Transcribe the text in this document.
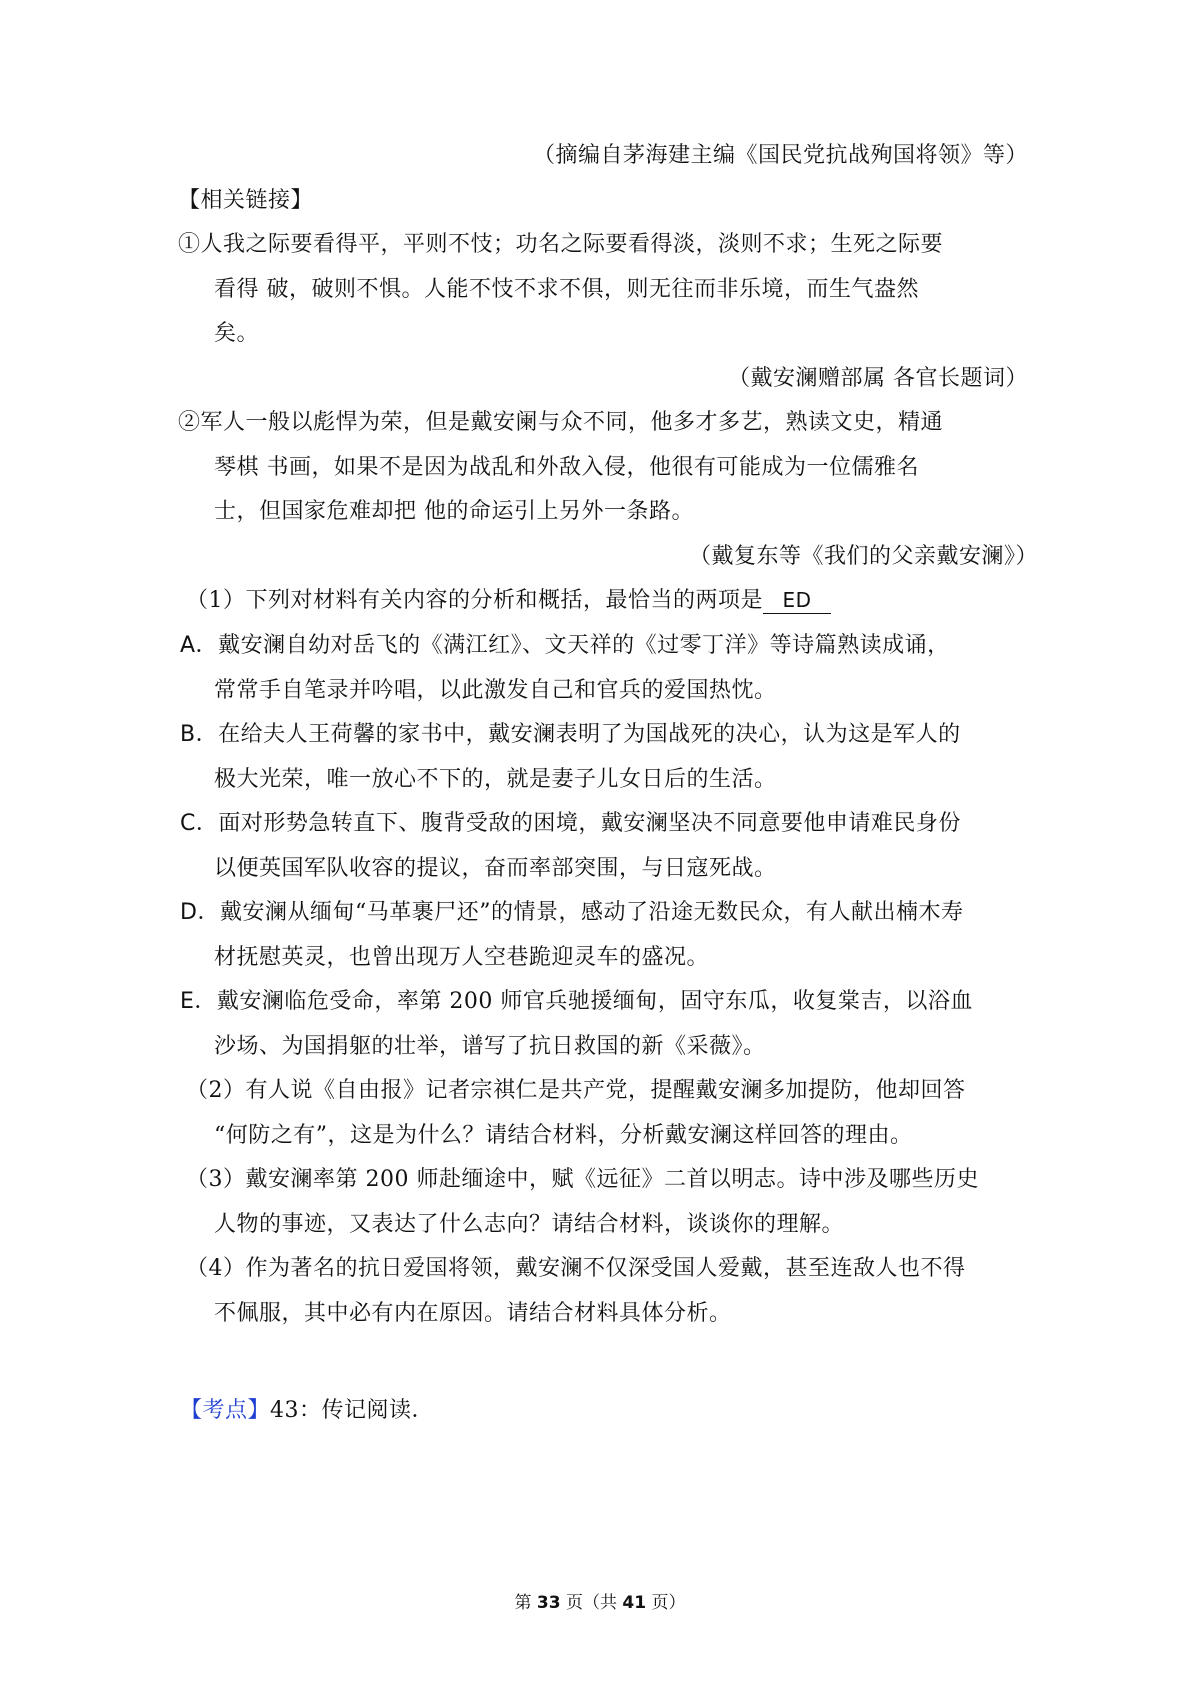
（摘编自茅海建主编《国民党抗战殉国将领》等）
【相关链接】
①人我之际要看得平，平则不忮；功名之际要看得淡，淡则不求；生死之际要
看得 破，破则不惧。人能不忮不求不俱，则无往而非乐境，而生气盎然
矣。
（戴安澜赠部属 各官长题词）
②军人一般以彪悍为荣，但是戴安阑与众不同，他多才多艺，熟读文史，精通
琴棋 书画，如果不是因为战乱和外敌入侵，他很有可能成为一位儒雅名
士，但国家危难却把 他的命运引上另外一条路。
（戴复东等《我们的父亲戴安澜》）
（1）下列对材料有关内容的分析和概括，最恰当的两项是 ED
A．戴安澜自幼对岳飞的《满江红》、文天祥的《过零丁洋》等诗篇熟读成诵，
常常手自笔录并吟唱，以此激发自己和官兵的爱国热忱。
B．在给夫人王荷馨的家书中，戴安澜表明了为国战死的决心，认为这是军人的
极大光荣，唯一放心不下的，就是妻子儿女日后的生活。
C．面对形势急转直下、腹背受敌的困境，戴安澜坚决不同意要他申请难民身份
以便英国军队收容的提议，奋而率部突围，与日寇死战。
D．戴安澜从缅甸“马革裹尸还”的情景，感动了沿途无数民众，有人献出楠木寿
材抚慰英灵，也曾出现万人空巷跪迎灵车的盛况。
E．戴安澜临危受命，率第 200 师官兵驰援缅甸，固守东瓜，收复棠吉，以浴血
沙场、为国捐躯的壮举，谱写了抗日救国的新《采薇》。
（2）有人说《自由报》记者宗祺仁是共产党，提醒戴安澜多加提防，他却回答
“何防之有”，这是为什么？请结合材料，分析戴安澜这样回答的理由。
（3）戴安澜率第 200 师赴缅途中，赋《远征》二首以明志。诗中涉及哪些历史
人物的事迹，又表达了什么志向？请结合材料，谈谈你的理解。
（4）作为著名的抗日爱国将领，戴安澜不仅深受国人爱戴，甚至连敌人也不得
不佩服，其中必有内在原因。请结合材料具体分析。
【考点】43：传记阅读．
第 33 页（共 41 页）
